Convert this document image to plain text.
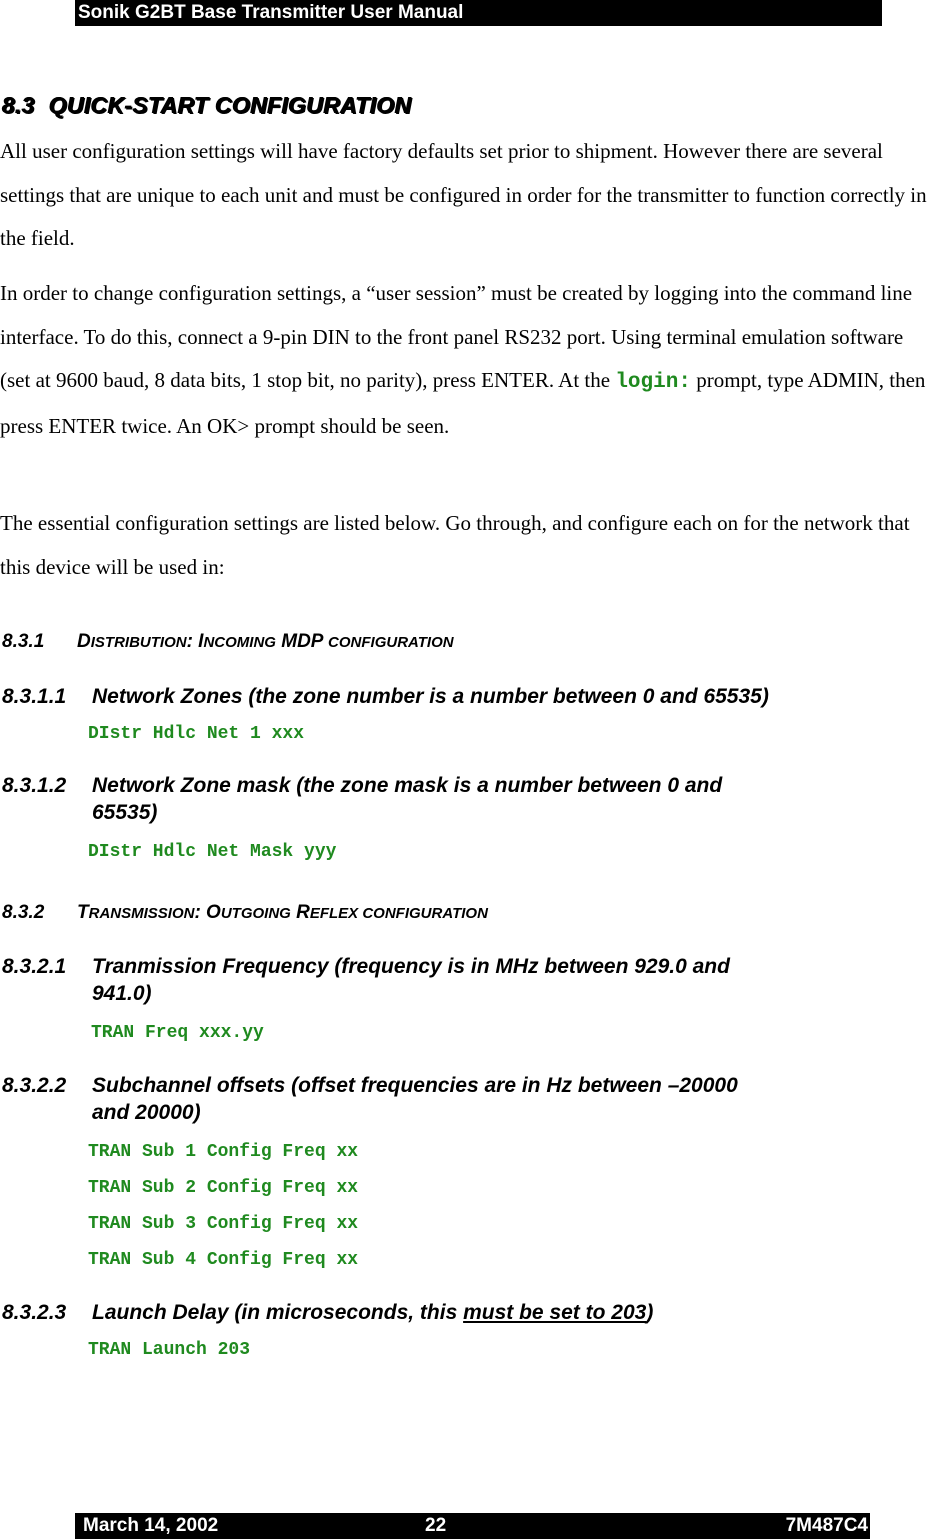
Sonik G2BT Base Transmitter User Manual
8.3 QUICK-START CONFIGURATION

All user configuration settings will have factory defaults set prior to shipment. However there are several settings that are unique to each unit and must be configured in order for the transmitter to function correctly in the field.

In order to change configuration settings, a “user session” must be created by logging into the command line interface. To do this, connect a 9-pin DIN to the front panel RS232 port. Using terminal emulation software (set at 9600 baud, 8 data bits, 1 stop bit, no parity), press ENTER. At the login: prompt, type ADMIN, then press ENTER twice. An OK> prompt should be seen.

The essential configuration settings are listed below. Go through, and configure each on for the network that this device will be used in:

8.3.1 DISTRIBUTION: INCOMING MDP CONFIGURATION
8.3.1.1 Network Zones (the zone number is a number between 0 and 65535)
DIstr Hdlc Net 1 xxx
8.3.1.2 Network Zone mask (the zone mask is a number between 0 and
65535)
DIstr Hdlc Net Mask yyy
8.3.2 TRANSMISSION: OUTGOING REFLEX CONFIGURATION
8.3.2.1 Tranmission Frequency (frequency is in MHz between 929.0 and
941.0)
TRAN Freq xxx.yy
8.3.2.2 Subchannel offsets (offset frequencies are in Hz between –20000
and 20000)
TRAN Sub 1 Config Freq xx
TRAN Sub 2 Config Freq xx
TRAN Sub 3 Config Freq xx
TRAN Sub 4 Config Freq xx
8.3.2.3 Launch Delay (in microseconds, this must be set to 203)
TRAN Launch 203
March 14, 2002	22	7M487C4
